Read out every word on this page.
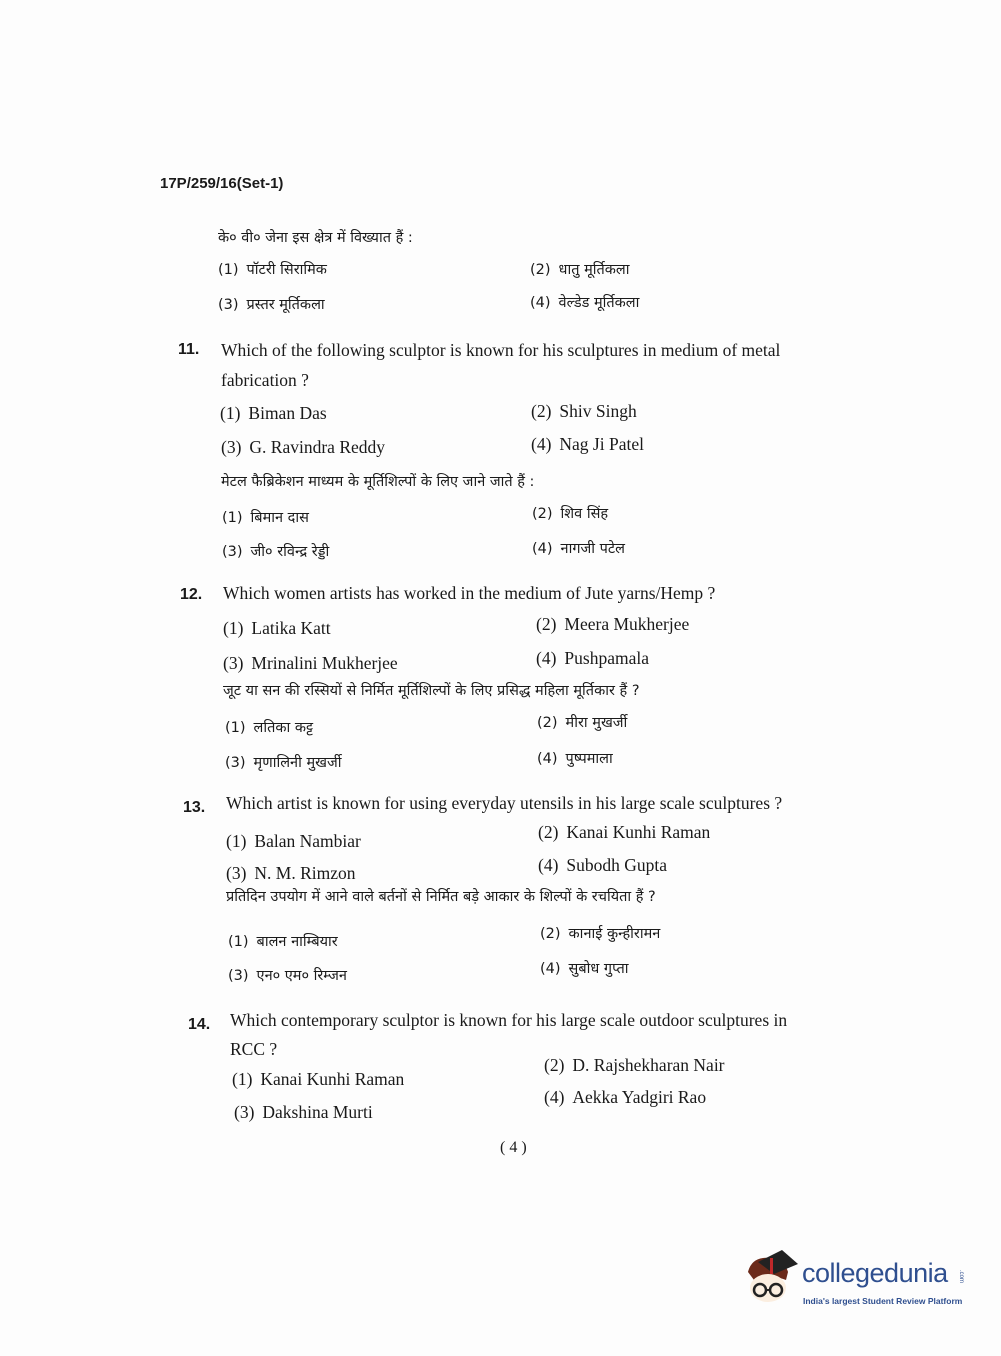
17P/259/16(Set-1)
के० वी० जेना इस क्षेत्र में विख्यात हैं :
(1) पॉटरी सिरामिक	(2) धातु मूर्तिकला
(3) प्रस्तर मूर्तिकला	(4) वेल्डेड मूर्तिकला
11. Which of the following sculptor is known for his sculptures in medium of metal
fabrication ?
(1) Biman Das	(2) Shiv Singh
(3) G. Ravindra Reddy	(4) Nag Ji Patel
मेटल फैब्रिकेशन माध्यम के मूर्तिशिल्पों के लिए जाने जाते हैं :
(1) बिमान दास	(2) शिव सिंह
(3) जी० रविन्द्र रेड्डी	(4) नागजी पटेल
12. Which women artists has worked in the medium of Jute yarns/Hemp ?
(1) Latika Katt	(2) Meera Mukherjee
(3) Mrinalini Mukherjee	(4) Pushpamala
जूट या सन की रस्सियों से निर्मित मूर्तिशिल्पों के लिए प्रसिद्ध महिला मूर्तिकार हैं ?
(1) लतिका कट्ट	(2) मीरा मुखर्जी
(3) मृणालिनी मुखर्जी	(4) पुष्पमाला
13. Which artist is known for using everyday utensils in his large scale sculptures ?
(1) Balan Nambiar	(2) Kanai Kunhi Raman
(3) N. M. Rimzon	(4) Subodh Gupta
प्रतिदिन उपयोग में आने वाले बर्तनों से निर्मित बड़े आकार के शिल्पों के रचयिता हैं ?
(1) बालन नाम्बियार	(2) कानाई कुन्हीरामन
(3) एन० एम० रिम्जन	(4) सुबोध गुप्ता
14. Which contemporary sculptor is known for his large scale outdoor sculptures in
RCC ?
(1) Kanai Kunhi Raman
(2) D. Rajshekharan Nair
(3) Dakshina Murti
(4) Aekka Yadgiri Rao
( 4 )
collegedunia .com
India's largest Student Review Platform
